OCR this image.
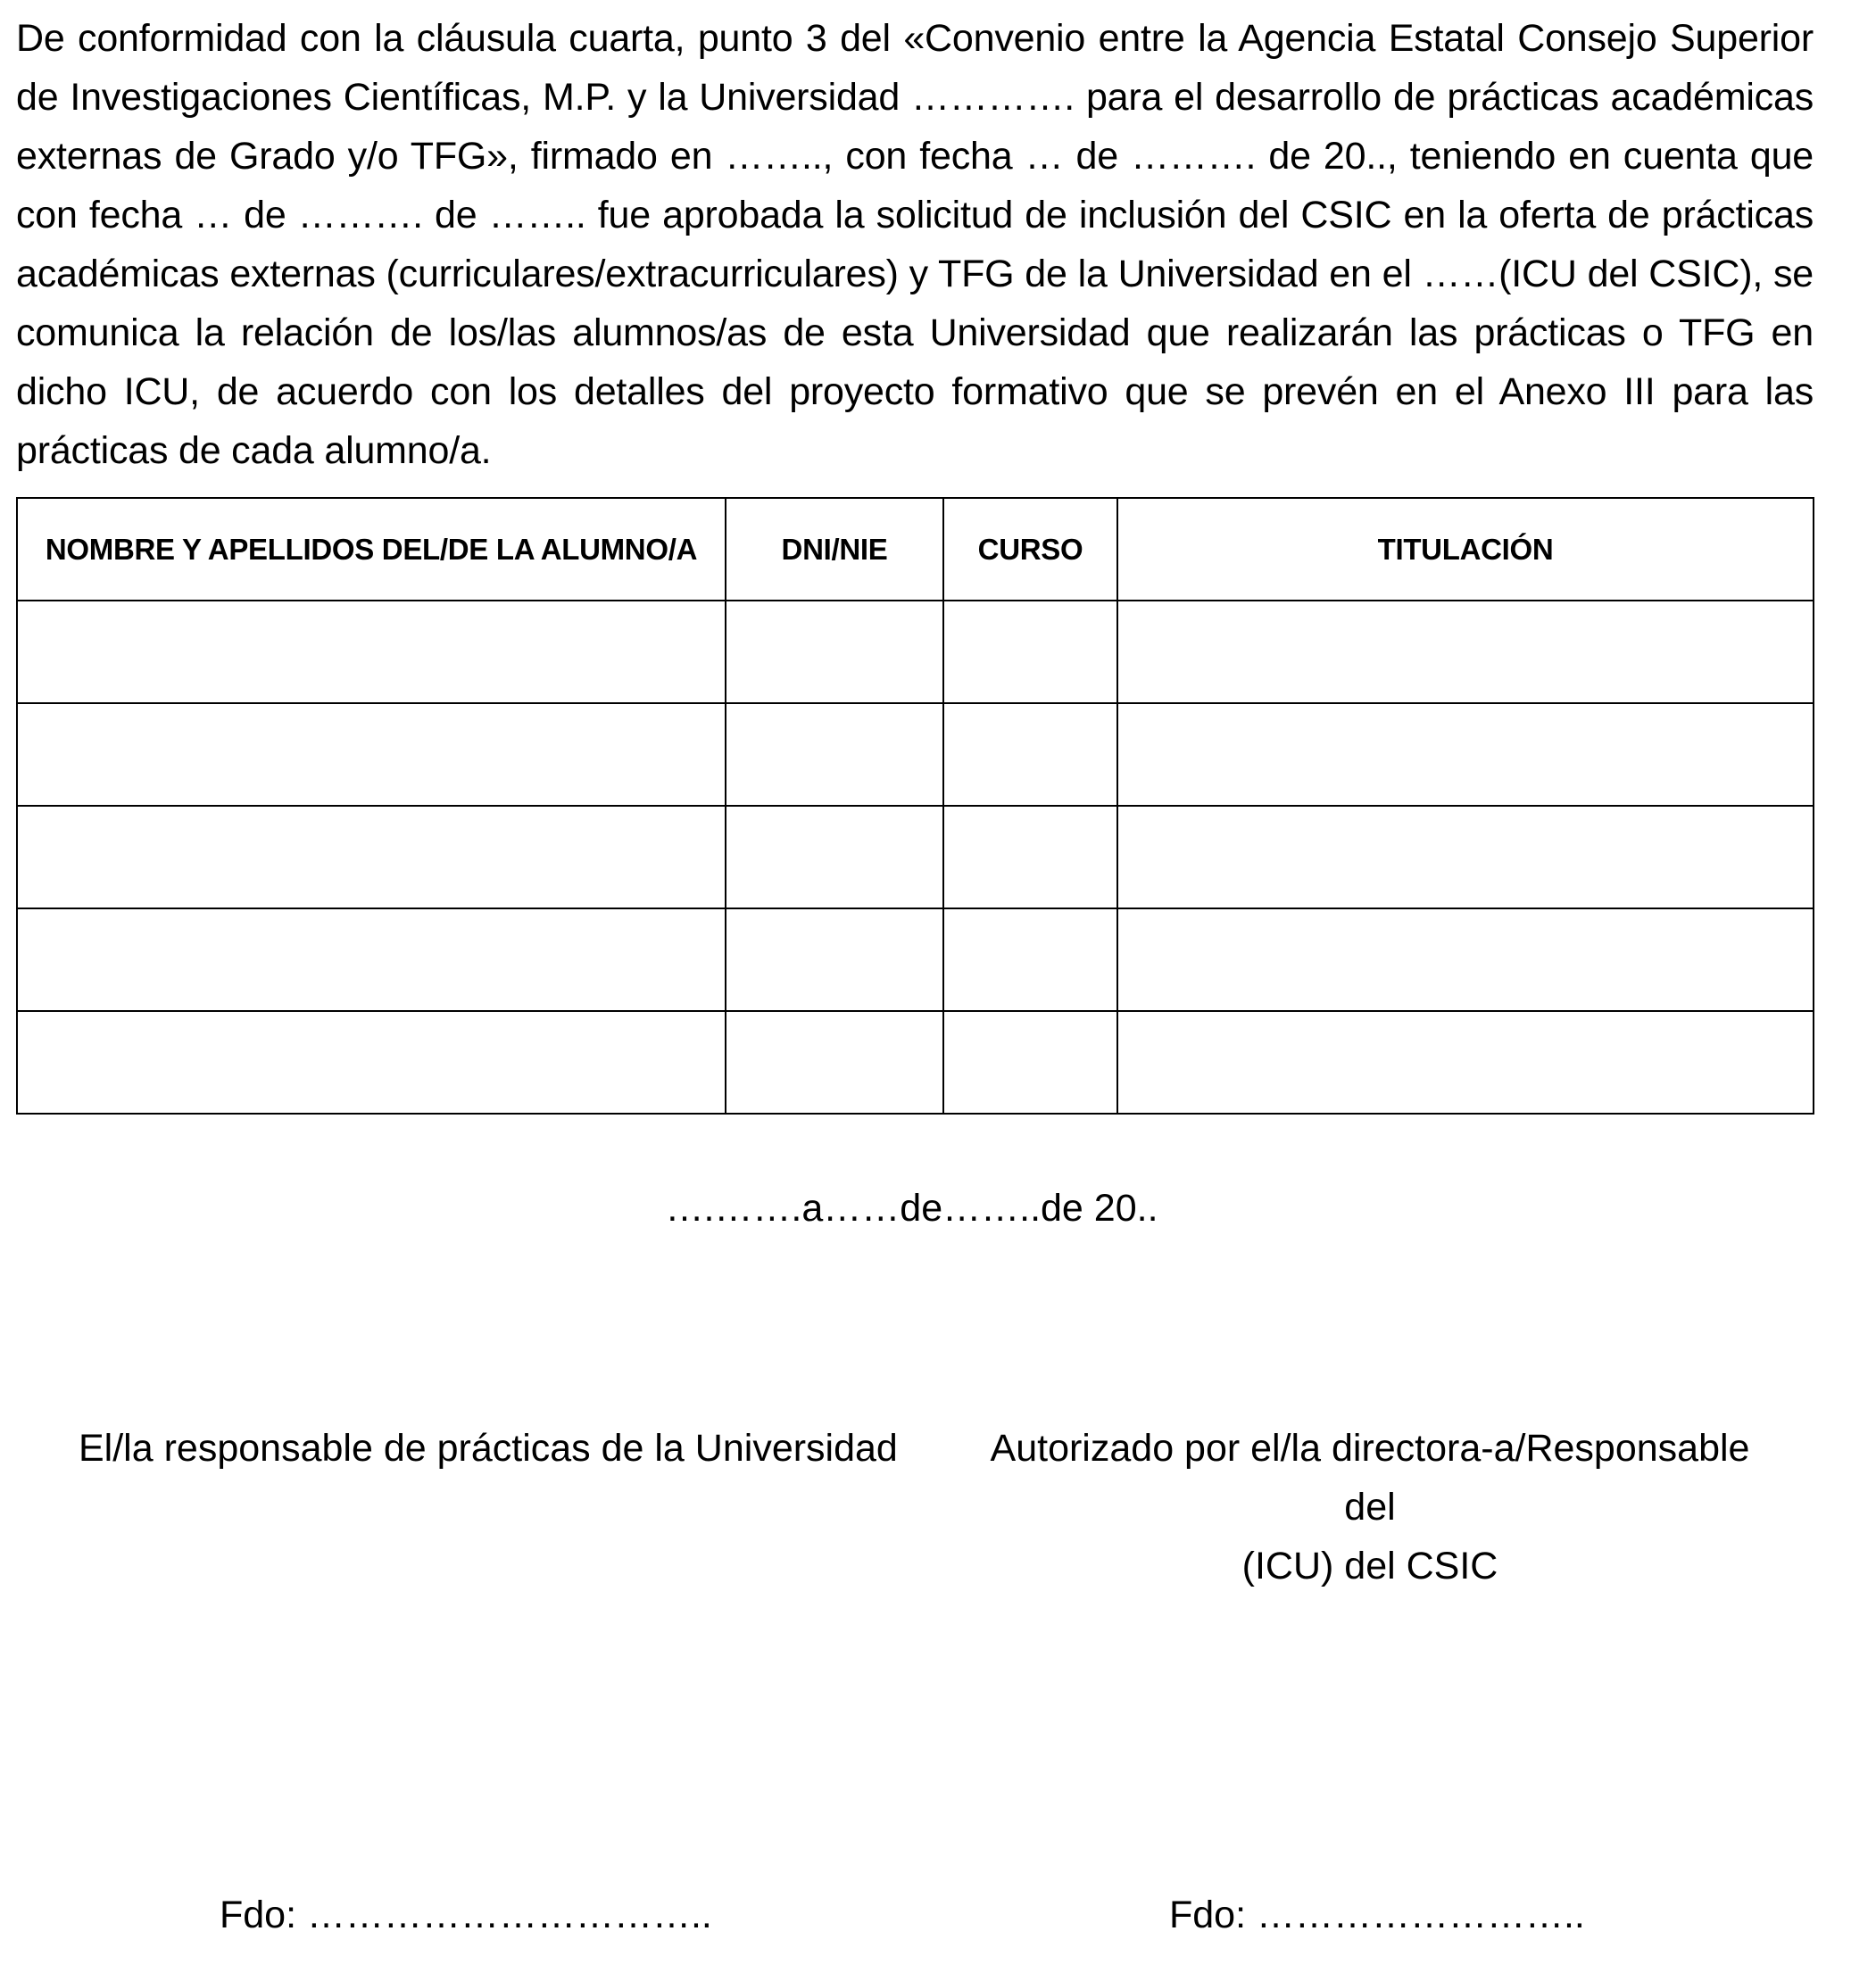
De conformidad con la cláusula cuarta, punto 3 del «Convenio entre la Agencia Estatal Consejo Superior de Investigaciones Científicas, M.P. y la Universidad …………. para el desarrollo de prácticas académicas externas de Grado y/o TFG», firmado en …….., con fecha … de ………. de 20.., teniendo en cuenta que con fecha … de ………. de …….. fue aprobada la solicitud de inclusión del CSIC en la oferta de prácticas académicas externas (curriculares/extracurriculares) y TFG de la Universidad en el ……(ICU del CSIC), se comunica la relación de los/las alumnos/as de esta Universidad que realizarán las prácticas o TFG en dicho ICU, de acuerdo con los detalles del proyecto formativo que se prevén en el Anexo III para las prácticas de cada alumno/a.

NOMBRE Y APELLIDOS DEL/DE LA ALUMNO/A	DNI/NIE	CURSO	TITULACIÓN

….…….a……de……..de 20..
El/la responsable de prácticas de la Universidad	Autorizado por el/la directora-a/Responsable del
(ICU) del CSIC
Fdo: …………………………..	Fdo: ……………………..
